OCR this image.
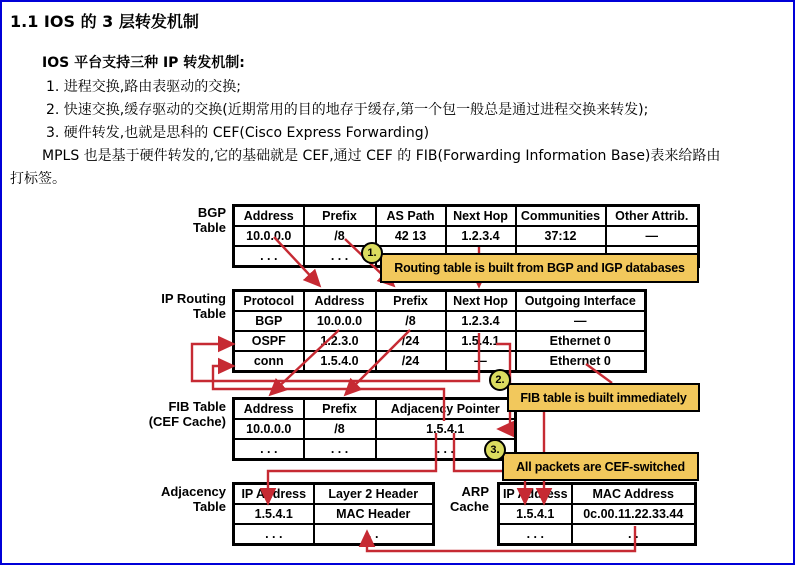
1.1 IOS 的 3 层转发机制
IOS 平台支持三种 IP 转发机制:
1. 进程交换,路由表驱动的交换;
2. 快速交换,缓存驱动的交换(近期常用的目的地存于缓存,第一个包一般总是通过进程交换来转发);
3. 硬件转发,也就是思科的 CEF(Cisco Express Forwarding)
MPLS 也是基于硬件转发的,它的基础就是 CEF,通过 CEF 的 FIB(Forwarding Information Base)表来给路由
打标签。
BGP
Table
IP Routing
Table
FIB Table
(CEF Cache)
Adjacency
Table
ARP
Cache
Address	Prefix	AS Path	Next Hop	Communities	Other Attrib.
10.0.0.0	/8	42 13	1.2.3.4	37:12	—
. . .	. . .				
Protocol	Address	Prefix	Next Hop	Outgoing Interface
BGP	10.0.0.0	/8	1.2.3.4	—
OSPF	1.2.3.0	/24	1.5.4.1	Ethernet 0
conn	1.5.4.0	/24	—	Ethernet 0
Address	Prefix	Adjacency Pointer
10.0.0.0	/8	1.5.4.1
. . .	. . .	. . .
IP Address	Layer 2 Header
1.5.4.1	MAC Header
. . .	. .
IP Address	MAC Address
1.5.4.1	0c.00.11.22.33.44
. . .	. .
Routing table is built from BGP and IGP databases
FIB table is built immediately
All packets are CEF-switched
1.
2.
3.
